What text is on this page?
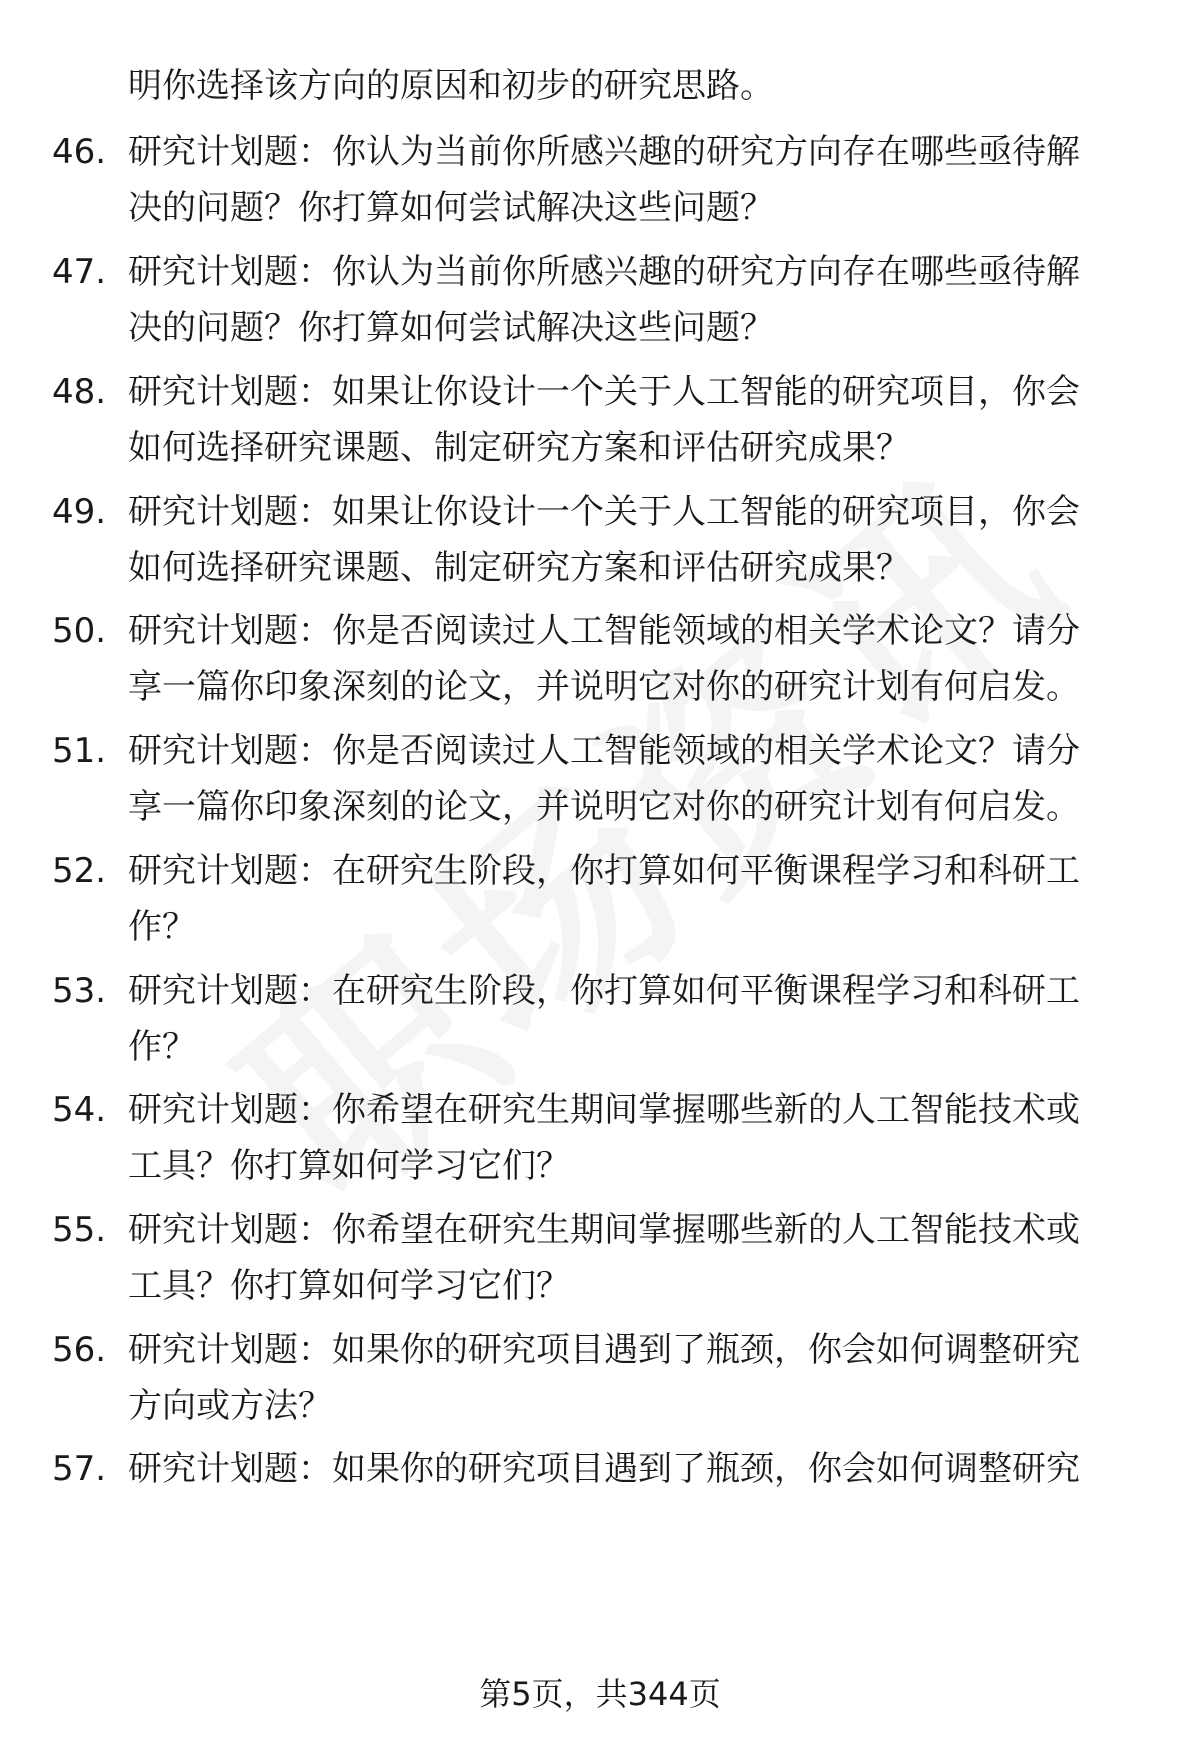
明你选择该方向的原因和初步的研究思路。
46. 研究计划题：你认为当前你所感兴趣的研究方向存在哪些亟待解
决的问题？你打算如何尝试解决这些问题？
47. 研究计划题：你认为当前你所感兴趣的研究方向存在哪些亟待解
决的问题？你打算如何尝试解决这些问题？
48. 研究计划题：如果让你设计一个关于人工智能的研究项目，你会
如何选择研究课题、制定研究方案和评估研究成果？
49. 研究计划题：如果让你设计一个关于人工智能的研究项目，你会
如何选择研究课题、制定研究方案和评估研究成果？
50. 研究计划题：你是否阅读过人工智能领域的相关学术论文？请分
享一篇你印象深刻的论文，并说明它对你的研究计划有何启发。
51. 研究计划题：你是否阅读过人工智能领域的相关学术论文？请分
享一篇你印象深刻的论文，并说明它对你的研究计划有何启发。
52. 研究计划题：在研究生阶段，你打算如何平衡课程学习和科研工
作？
53. 研究计划题：在研究生阶段，你打算如何平衡课程学习和科研工
作？
54. 研究计划题：你希望在研究生期间掌握哪些新的人工智能技术或
工具？你打算如何学习它们？
55. 研究计划题：你希望在研究生期间掌握哪些新的人工智能技术或
工具？你打算如何学习它们？
56. 研究计划题：如果你的研究项目遇到了瓶颈，你会如何调整研究
方向或方法？
57. 研究计划题：如果你的研究项目遇到了瓶颈，你会如何调整研究
第5页，共344页
